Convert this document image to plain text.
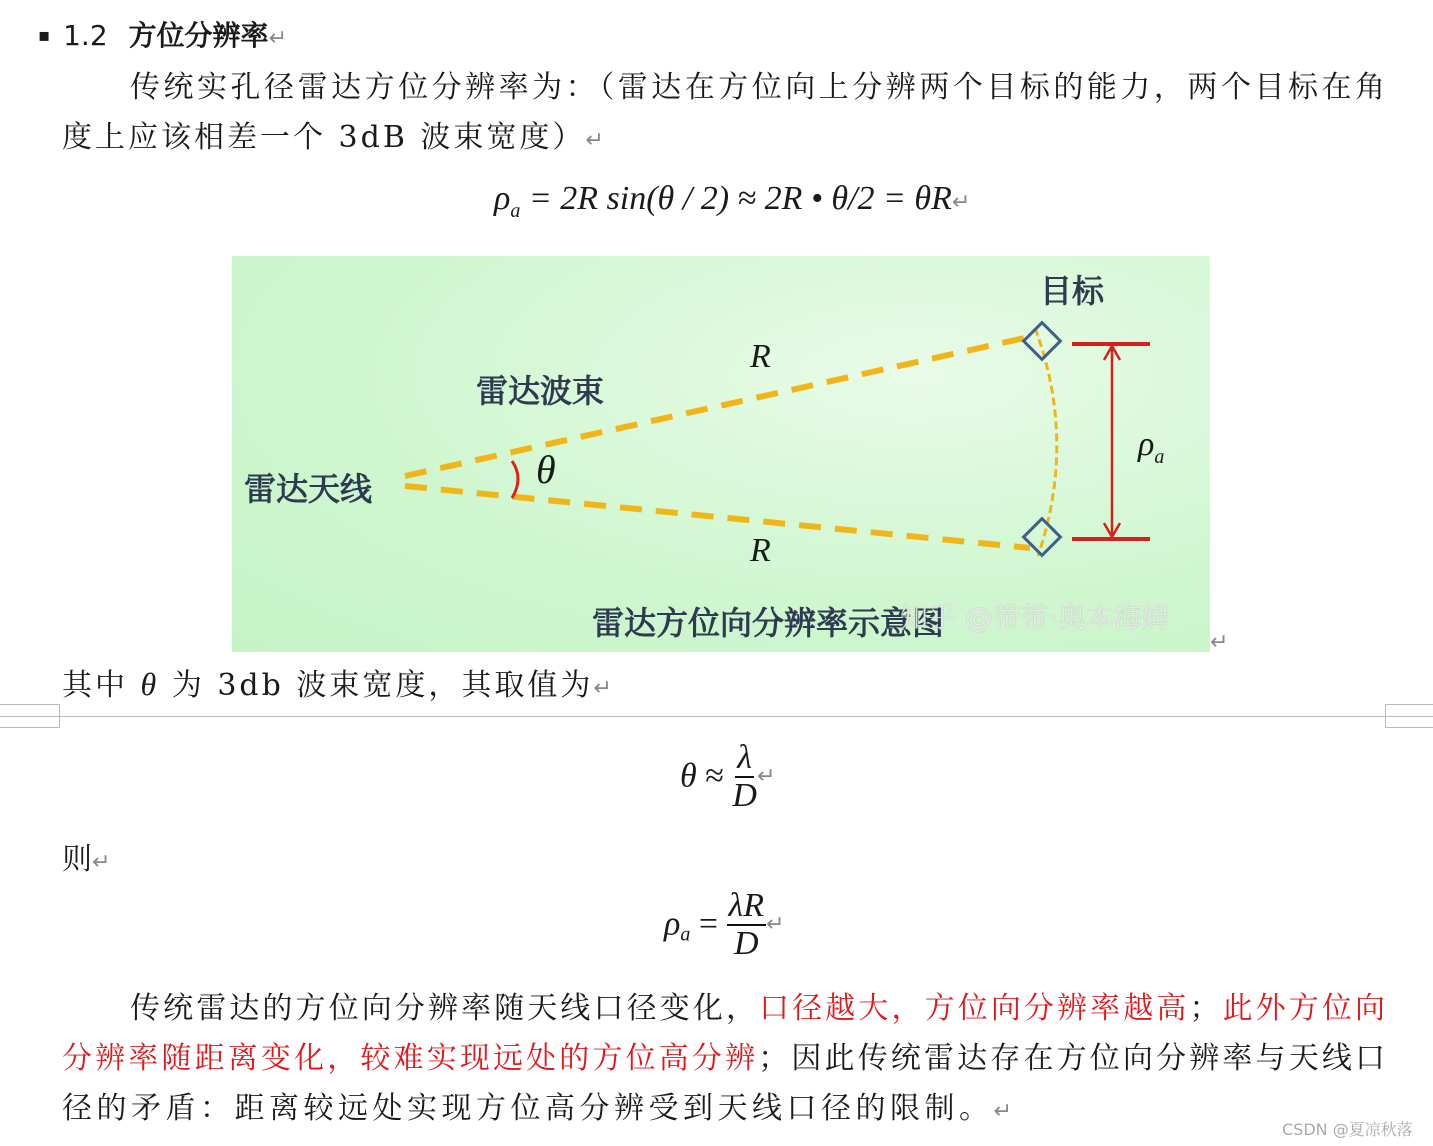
▪ 1.2 方位分辨率↵
传统实孔径雷达方位分辨率为：（雷达在方位向上分辨两个目标的能力，两个目标在角
度上应该相差一个 3dB 波束宽度）↵
$\rho_a = 2R$ sin(θ / 2) ≈ 2R • θ/2 = θR↵
目标
雷达波束
雷达天线
R
R
θ
$\rho_a$
雷达方位向分辨率示意图
知乎 @带带·奥本海姆
↵
其中 θ 为 3db 波束宽度，其取值为↵
$\theta \approx \frac{\lambda}{D}$ ↵
则↵
$\rho_a = \frac{\lambda R}{D}$ ↵
传统雷达的方位向分辨率随天线口径变化，口径越大，方位向分辨率越高；此外方位向
分辨率随距离变化，较难实现远处的方位高分辨；因此传统雷达存在方位向分辨率与天线口
径的矛盾：距离较远处实现方位高分辨受到天线口径的限制。↵
CSDN @夏凉秋落
